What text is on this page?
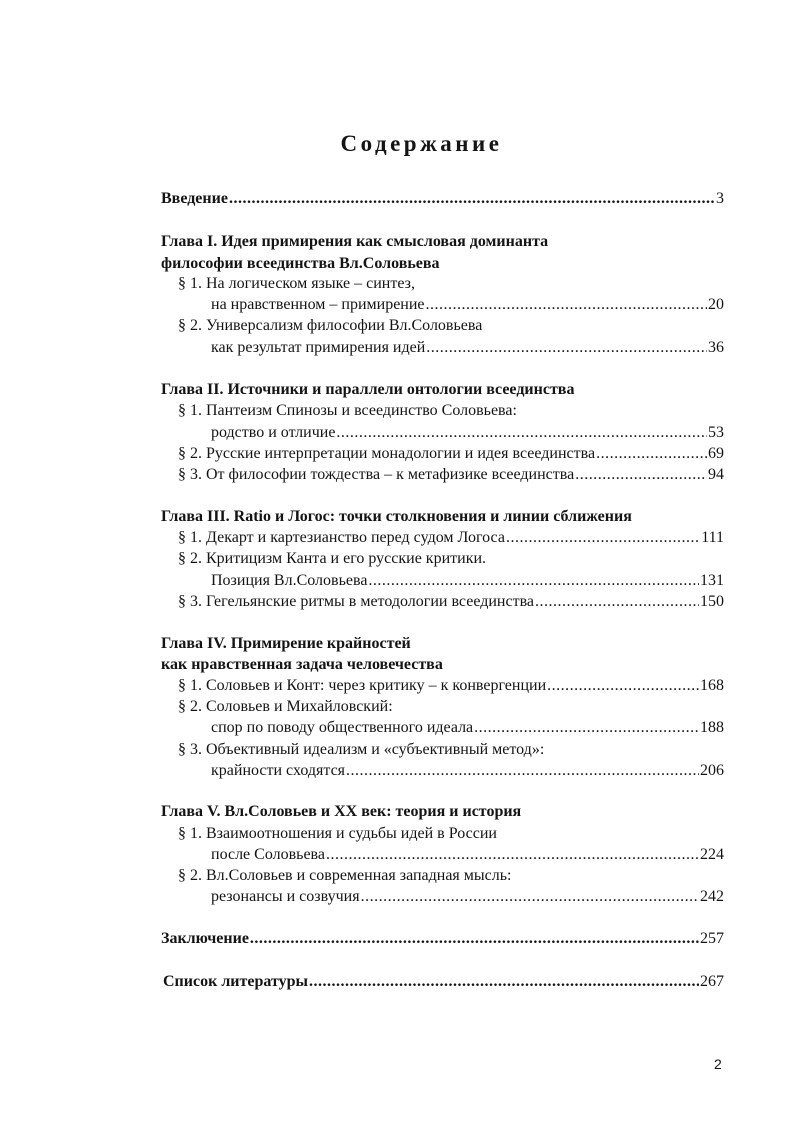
Содержание
Введение .....	3
Глава I. Идея примирения как смысловая доминанта
философии всеединства Вл.Соловьева
§ 1. На логическом языке – синтез,
на нравственном – примирение .....	20
§ 2. Универсализм философии Вл.Соловьева
как результат примирения идей .....	36
Глава II. Источники и параллели онтологии всеединства
§ 1. Пантеизм Спинозы и всеединство Соловьева:
родство и отличие .....	53
§ 2. Русские интерпретации монадологии и идея всеединства .....	69
§ 3. От философии тождества – к метафизике всеединства .....	94
Глава III. Ratio и Логос: точки столкновения и линии сближения
§ 1. Декарт и картезианство перед судом Логоса .....	111
§ 2. Критицизм Канта и его русские критики.
Позиция Вл.Соловьева .....	131
§ 3. Гегельянские ритмы в методологии всеединства .....	150
Глава IV. Примирение крайностей
как нравственная задача человечества
§ 1. Соловьев и Конт: через критику – к конвергенции .....	168
§ 2. Соловьев и Михайловский:
спор по поводу общественного идеала .....	188
§ 3. Объективный идеализм и «субъективный метод»:
крайности сходятся .....	206
Глава V. Вл.Соловьев и XX век: теория и история
§ 1. Взаимоотношения и судьбы идей в России
после Соловьева .....	224
§ 2. Вл.Соловьев и современная западная мысль:
резонансы и созвучия .....	242
Заключение .....	257
Список литературы .....	267
2
